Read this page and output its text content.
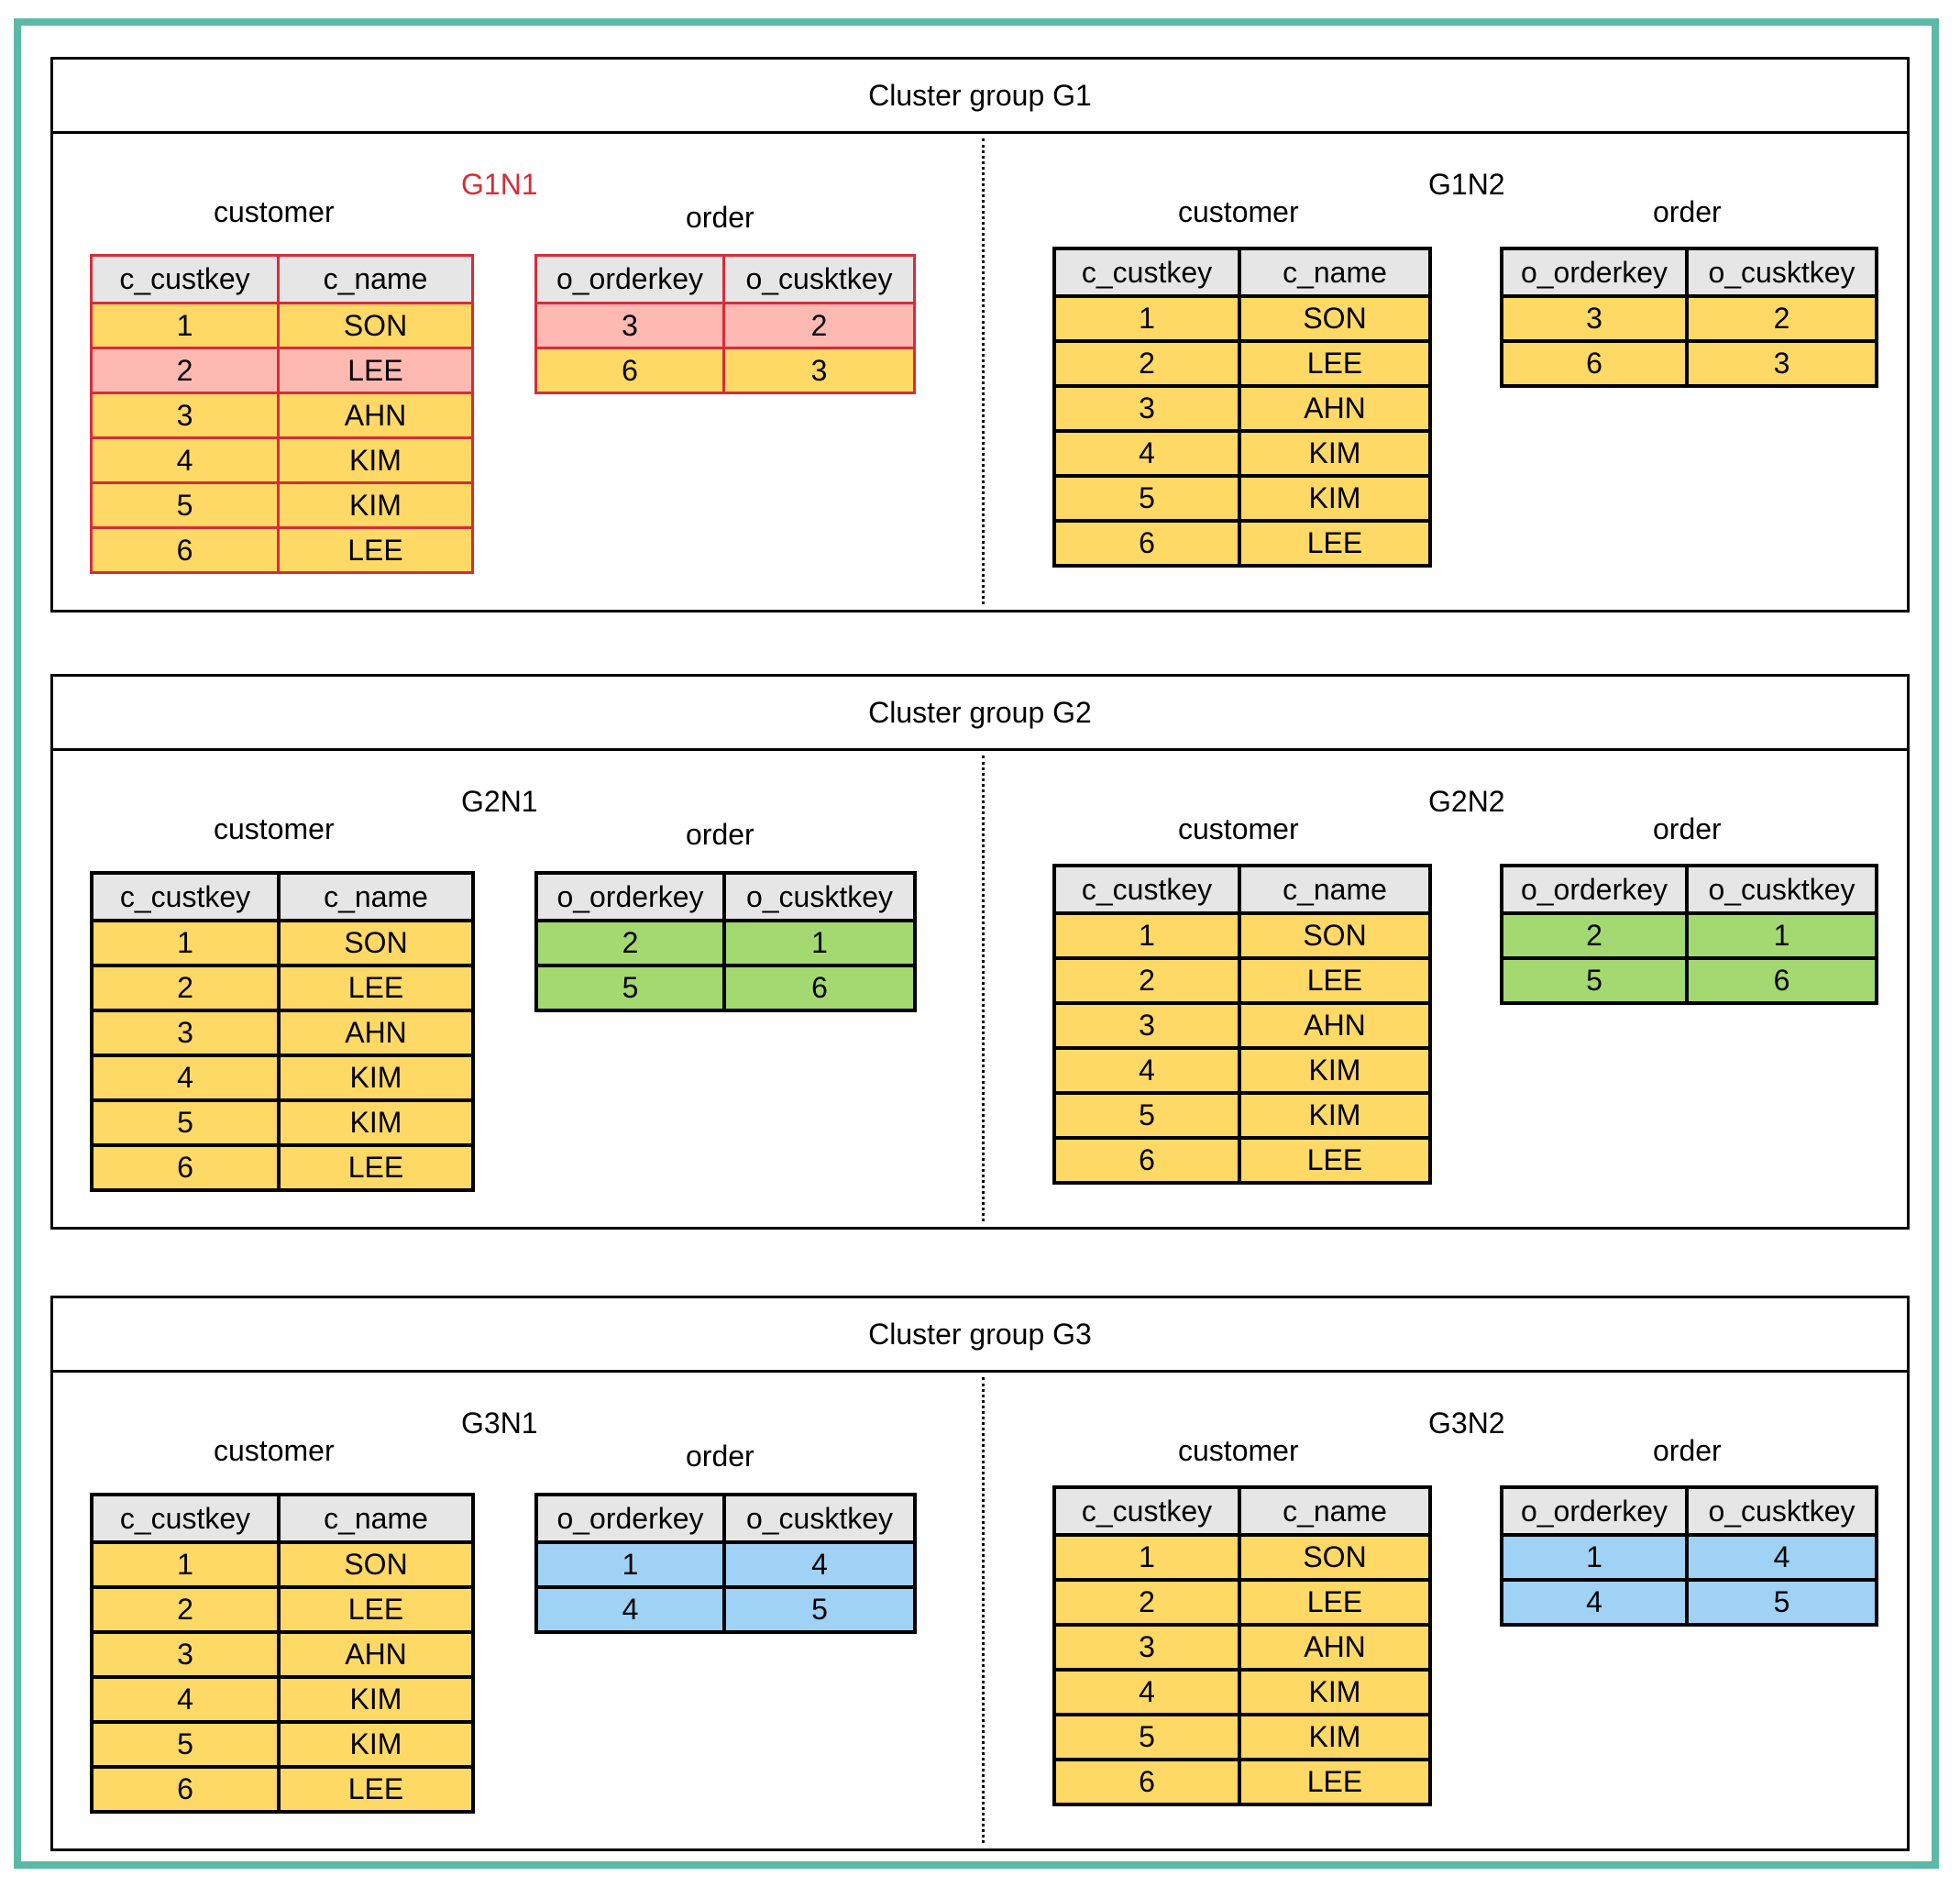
Cluster group G1
G1N1
customer	order
c_custkey	c_name
1	SON
2	LEE
3	AHN
4	KIM
5	KIM
6	LEE
o_orderkey	o_cusktkey
3	2
6	3
G1N2
customer	order
c_custkey	c_name
1	SON
2	LEE
3	AHN
4	KIM
5	KIM
6	LEE
o_orderkey	o_cusktkey
3	2
6	3
Cluster group G2
G2N1
customer	order
c_custkey	c_name
1	SON
2	LEE
3	AHN
4	KIM
5	KIM
6	LEE
o_orderkey	o_cusktkey
2	1
5	6
G2N2
customer	order
c_custkey	c_name
1	SON
2	LEE
3	AHN
4	KIM
5	KIM
6	LEE
o_orderkey	o_cusktkey
2	1
5	6
Cluster group G3
G3N1
customer	order
c_custkey	c_name
1	SON
2	LEE
3	AHN
4	KIM
5	KIM
6	LEE
o_orderkey	o_cusktkey
1	4
4	5
G3N2
customer	order
c_custkey	c_name
1	SON
2	LEE
3	AHN
4	KIM
5	KIM
6	LEE
o_orderkey	o_cusktkey
1	4
4	5
